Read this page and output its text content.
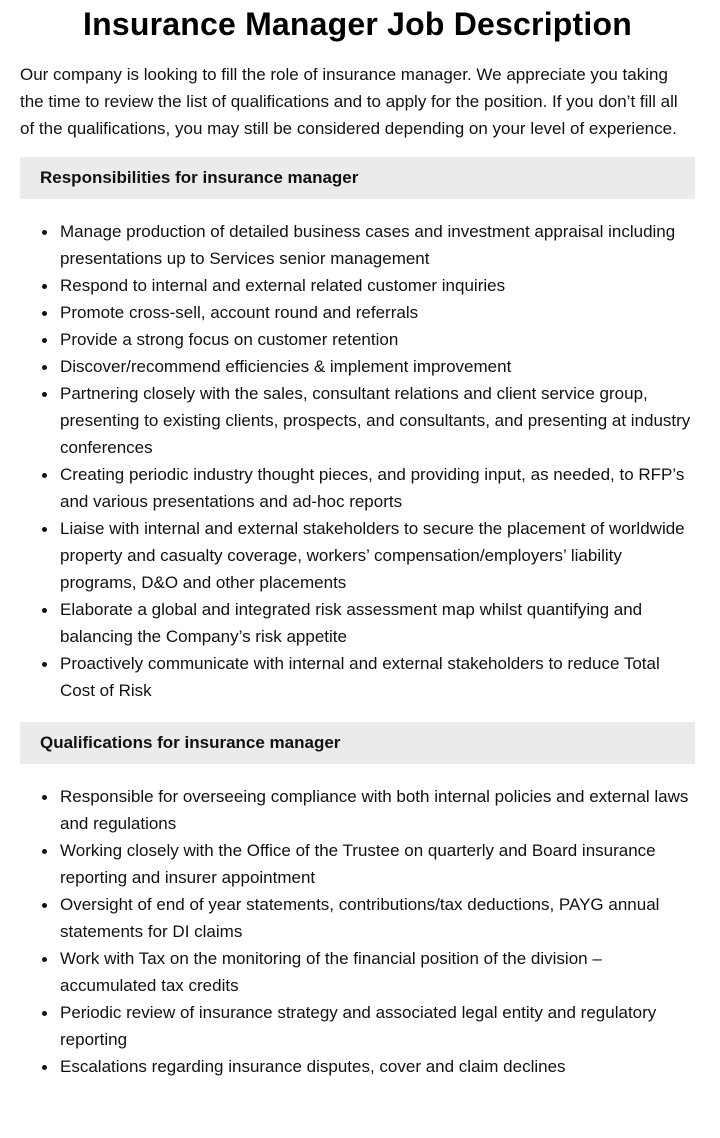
Insurance Manager Job Description

Our company is looking to fill the role of insurance manager. We appreciate you taking the time to review the list of qualifications and to apply for the position. If you don’t fill all of the qualifications, you may still be considered depending on your level of experience.

Responsibilities for insurance manager
Manage production of detailed business cases and investment appraisal including presentations up to Services senior management
Respond to internal and external related customer inquiries
Promote cross-sell, account round and referrals
Provide a strong focus on customer retention
Discover/recommend efficiencies & implement improvement
Partnering closely with the sales, consultant relations and client service group, presenting to existing clients, prospects, and consultants, and presenting at industry conferences
Creating periodic industry thought pieces, and providing input, as needed, to RFP’s and various presentations and ad-hoc reports
Liaise with internal and external stakeholders to secure the placement of worldwide property and casualty coverage, workers’ compensation/employers’ liability programs, D&O and other placements
Elaborate a global and integrated risk assessment map whilst quantifying and balancing the Company’s risk appetite
Proactively communicate with internal and external stakeholders to reduce Total Cost of Risk
Qualifications for insurance manager
Responsible for overseeing compliance with both internal policies and external laws and regulations
Working closely with the Office of the Trustee on quarterly and Board insurance reporting and insurer appointment
Oversight of end of year statements, contributions/tax deductions, PAYG annual statements for DI claims
Work with Tax on the monitoring of the financial position of the division – accumulated tax credits
Periodic review of insurance strategy and associated legal entity and regulatory reporting
Escalations regarding insurance disputes, cover and claim declines
